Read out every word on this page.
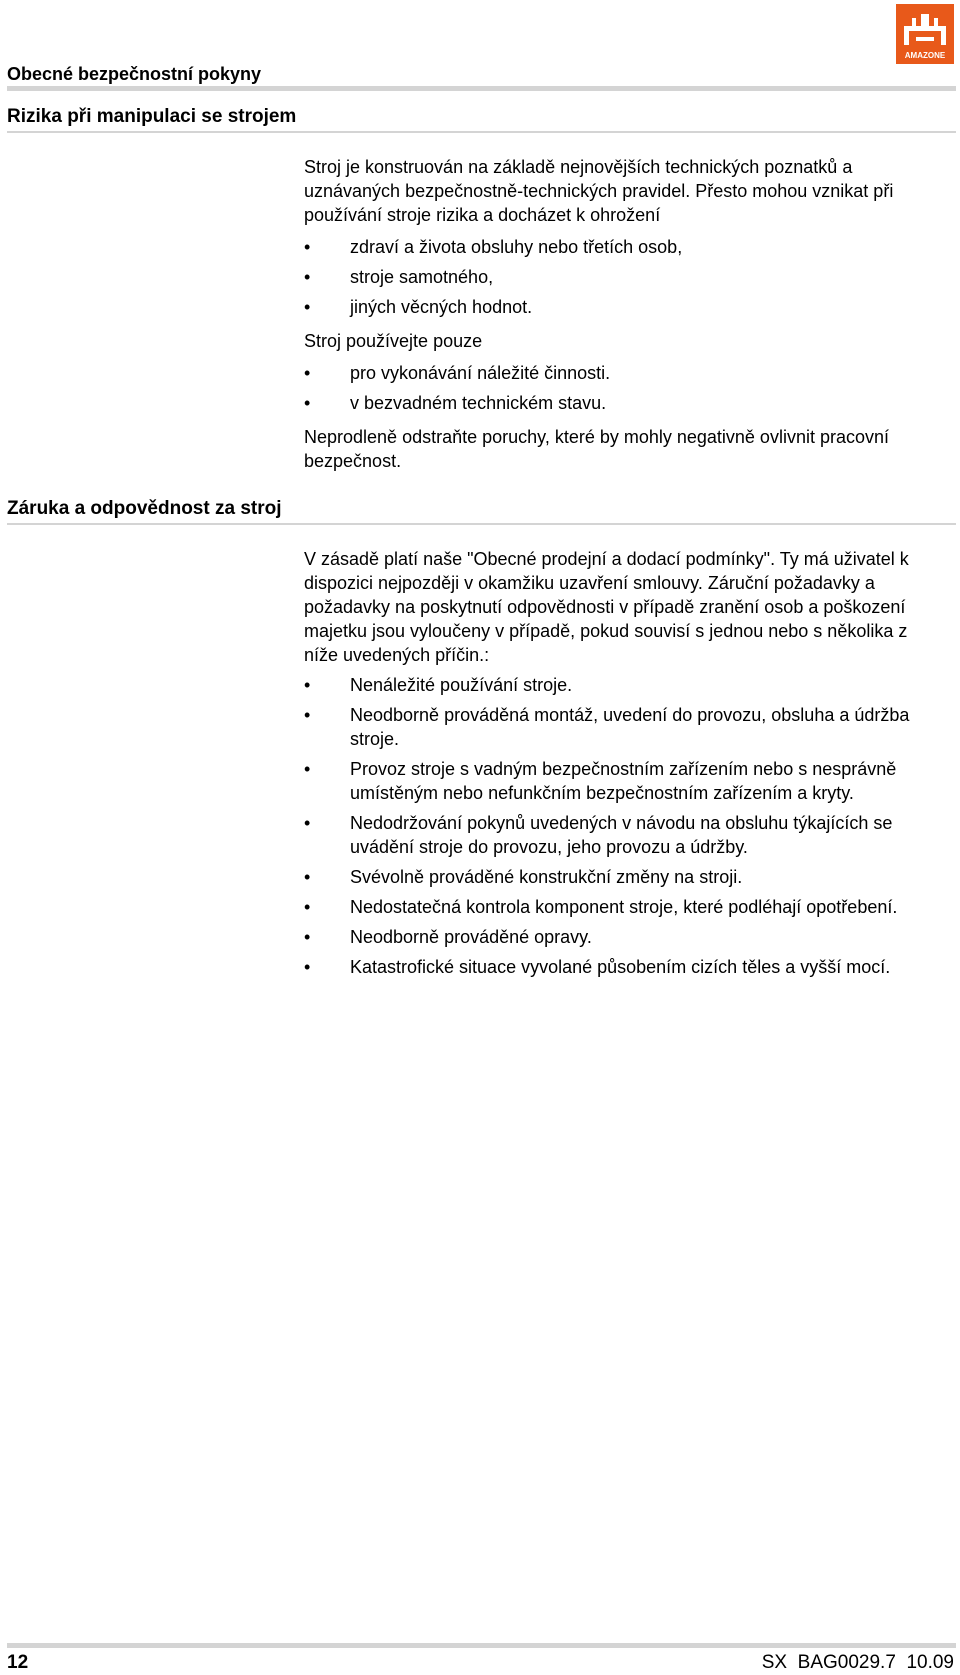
Obecné bezpečnostní pokyny
AMAZONE
Rizika při manipulaci se strojem

Stroj je konstruován na základě nejnovějších technických poznatků a uznávaných bezpečnostně-technických pravidel. Přesto mohou vznikat při používání stroje rizika a docházet k ohrožení

•	zdraví a života obsluhy nebo třetích osob,
•	stroje samotného,
•	jiných věcných hodnot.

Stroj používejte pouze

•	pro vykonávání náležité činnosti.
•	v bezvadném technickém stavu.

Neprodleně odstraňte poruchy, které by mohly negativně ovlivnit pracovní bezpečnost.

Záruka a odpovědnost za stroj

V zásadě platí naše "Obecné prodejní a dodací podmínky". Ty má uživatel k dispozici nejpozději v okamžiku uzavření smlouvy. Záruční požadavky a požadavky na poskytnutí odpovědnosti v případě zranění osob a poškození majetku jsou vyloučeny v případě, pokud souvisí s jednou nebo s několika z níže uvedených příčin.:

•	Nenáležité používání stroje.
•	Neodborně prováděná montáž, uvedení do provozu, obsluha a údržba stroje.
•	Provoz stroje s vadným bezpečnostním zařízením nebo s nesprávně umístěným nebo nefunkčním bezpečnostním zařízením a kryty.
•	Nedodržování pokynů uvedených v návodu na obsluhu týkajících se uvádění stroje do provozu, jeho provozu a údržby.
•	Svévolně prováděné konstrukční změny na stroji.
•	Nedostatečná kontrola komponent stroje, které podléhají opotřebení.
•	Neodborně prováděné opravy.
•	Katastrofické situace vyvolané působením cizích těles a vyšší mocí.
12	SX  BAG0029.7  10.09
